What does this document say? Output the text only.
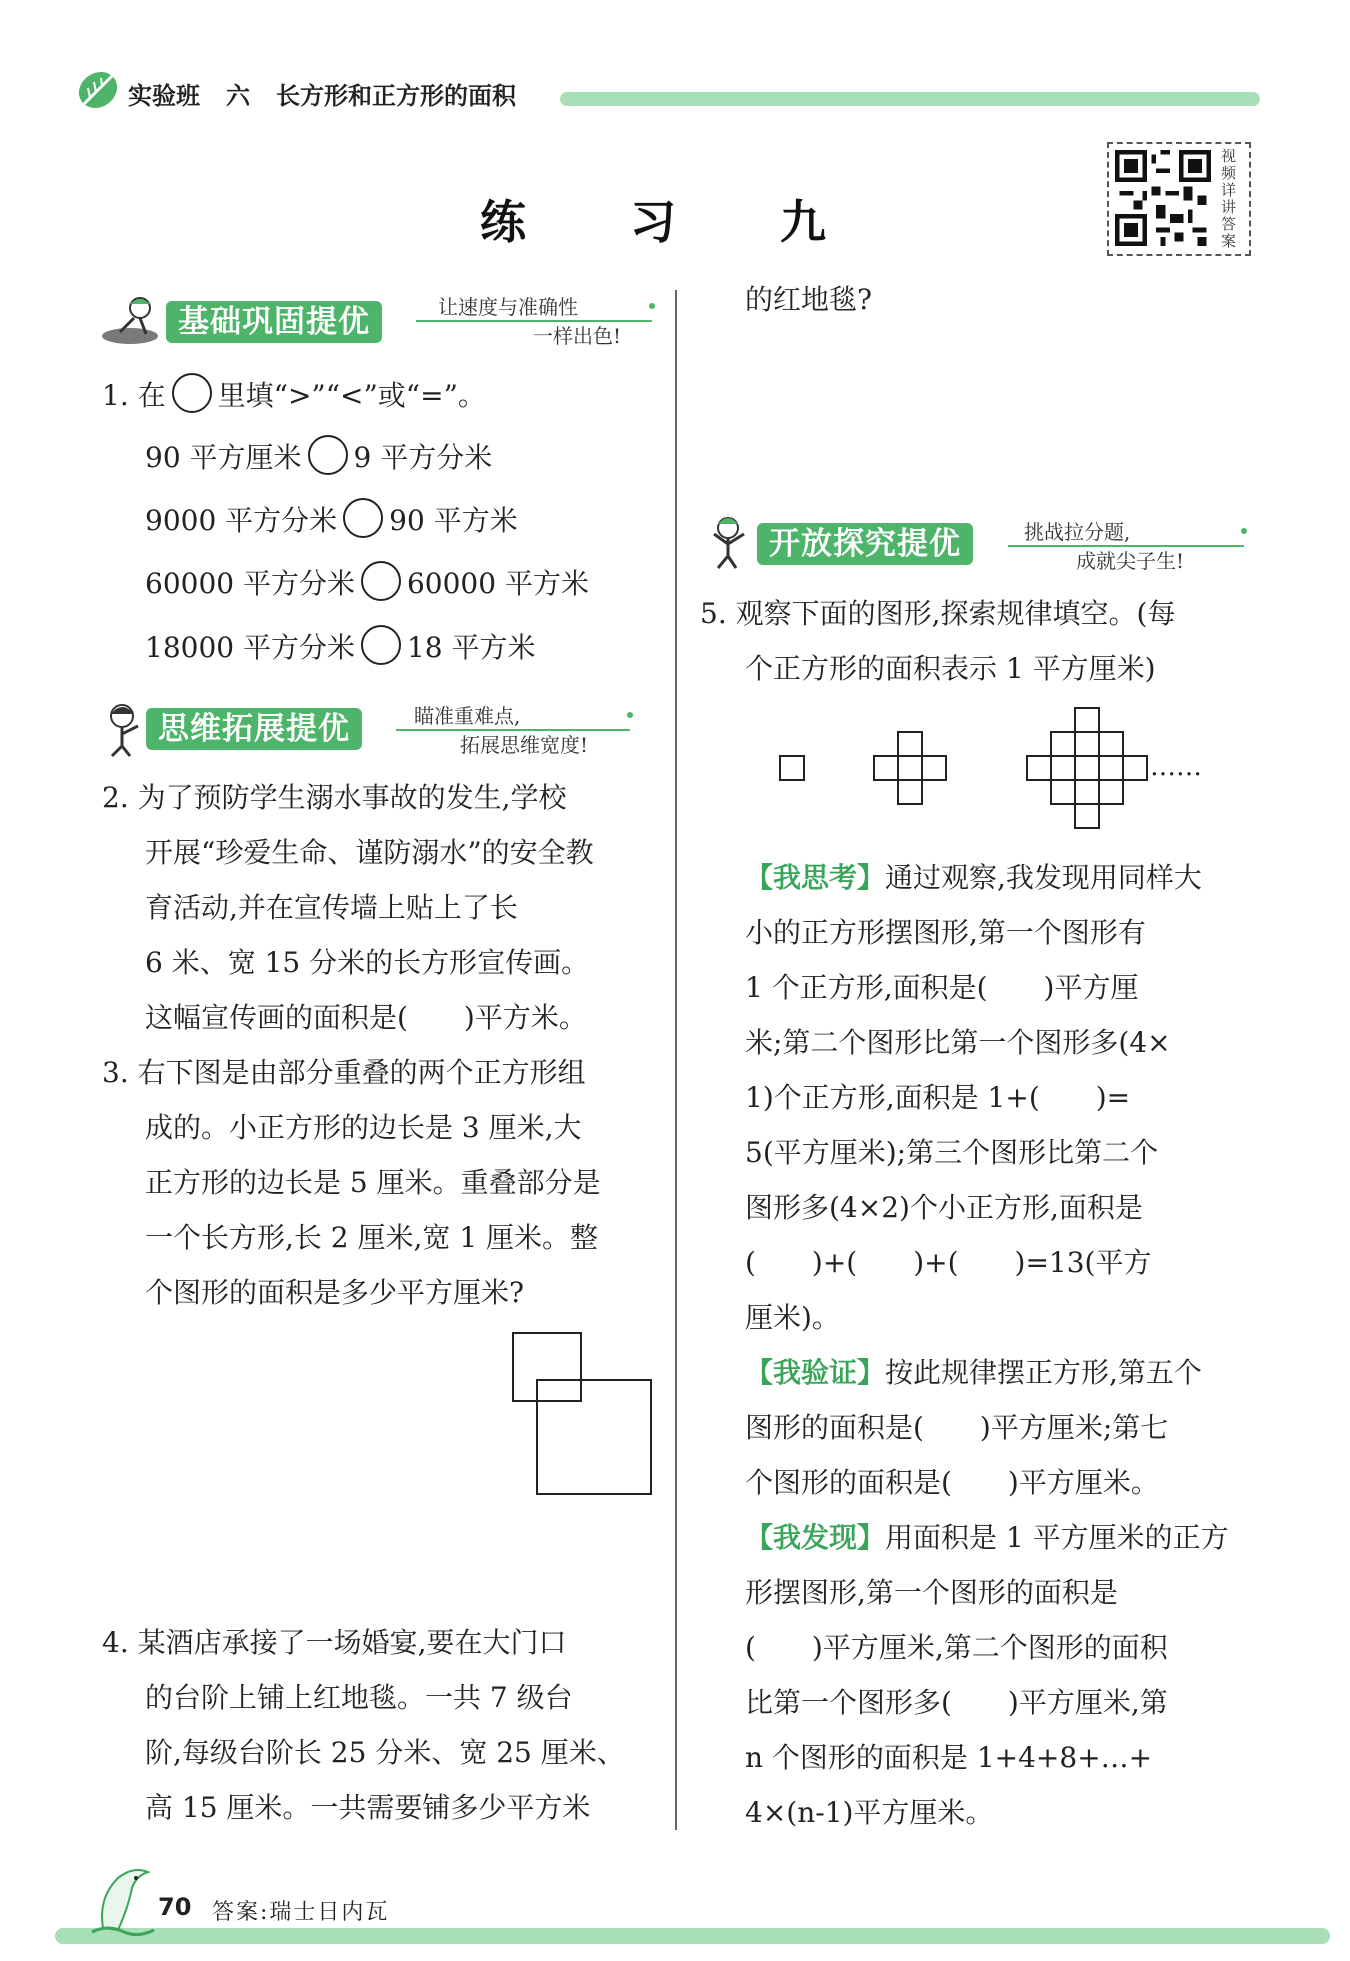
实验班 六 长方形和正方形的面积
练 习 九
视频详讲答案
基础巩固提优	让速度与准确性
一样出色!
1. 在 里填“>”“<”或“=”。
90 平方厘米 9 平方分米
9000 平方分米 90 平方米
60000 平方分米 60000 平方米
18000 平方分米 18 平方米
思维拓展提优	瞄准重难点,
拓展思维宽度!
2. 为了预防学生溺水事故的发生,学校
开展“珍爱生命、谨防溺水”的安全教
育活动,并在宣传墙上贴上了长
6 米、宽 15 分米的长方形宣传画。
这幅宣传画的面积是(　　)平方米。
3. 右下图是由部分重叠的两个正方形组
成的。小正方形的边长是 3 厘米,大
正方形的边长是 5 厘米。重叠部分是
一个长方形,长 2 厘米,宽 1 厘米。整
个图形的面积是多少平方厘米?
4. 某酒店承接了一场婚宴,要在大门口
的台阶上铺上红地毯。一共 7 级台
阶,每级台阶长 25 分米、宽 25 厘米、
高 15 厘米。一共需要铺多少平方米
的红地毯?
开放探究提优	挑战拉分题,
成就尖子生!
5. 观察下面的图形,探索规律填空。(每
个正方形的面积表示 1 平方厘米)
……
【我思考】通过观察,我发现用同样大
小的正方形摆图形,第一个图形有
1 个正方形,面积是(　　)平方厘
米;第二个图形比第一个图形多(4×
1)个正方形,面积是 1+(　　)=
5(平方厘米);第三个图形比第二个
图形多(4×2)个小正方形,面积是
(　　)+(　　)+(　　)=13(平方
厘米)。
【我验证】按此规律摆正方形,第五个
图形的面积是(　　)平方厘米;第七
个图形的面积是(　　)平方厘米。
【我发现】用面积是 1 平方厘米的正方
形摆图形,第一个图形的面积是
(　　)平方厘米,第二个图形的面积
比第一个图形多(　　)平方厘米,第
n 个图形的面积是 1+4+8+…+
4×(n-1)平方厘米。
70 答案:瑞士日内瓦
